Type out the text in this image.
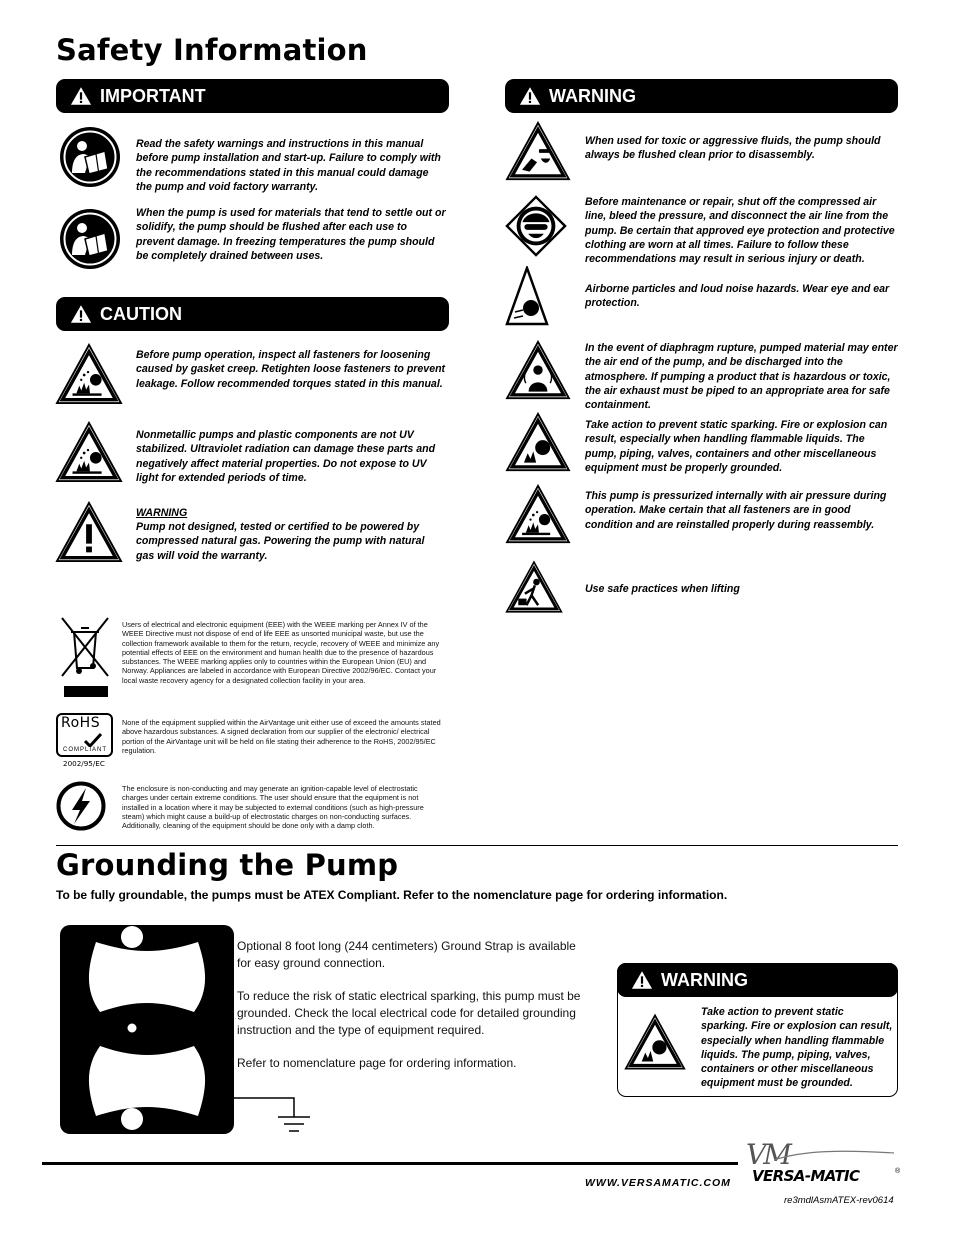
Safety Information
IMPORTANT
Read the safety warnings and instructions in this manual before pump installation and start-up. Failure to comply with the recommendations stated in this manual could damage the pump and void factory warranty.
When the pump is used for materials that tend to settle out or solidify, the pump should be flushed after each use to prevent damage. In freezing temperatures the pump should be completely drained between uses.
CAUTION
Before pump operation, inspect all fasteners for loosening caused by gasket creep. Retighten loose fasteners to prevent leakage. Follow recommended torques stated in this manual.
Nonmetallic pumps and plastic components are not UV stabilized. Ultraviolet radiation can damage these parts and negatively affect material properties. Do not expose to UV light for extended periods of time.
WARNING
Pump not designed, tested or certified to be powered by compressed natural gas. Powering the pump with natural gas will void the warranty.
Users of electrical and electronic equipment (EEE) with the WEEE marking per Annex IV of the WEEE Directive must not dispose of end of life EEE as unsorted municipal waste, but use the collection framework available to them for the return, recycle, recovery of WEEE and minimize any potential effects of EEE on the environment and human health due to the presence of hazardous substances. The WEEE marking applies only to countries within the European Union (EU) and Norway. Appliances are labeled in accordance with European Directive 2002/96/EC. Contact your local waste recovery agency for a designated collection facility in your area.
RoHS
COMPLIANT
2002/95/EC
None of the equipment supplied within the AirVantage unit either use of exceed the amounts stated above hazardous substances. A signed declaration from our supplier of the electronic/ electrical portion of the AirVantage unit will be held on file stating their adherence to the RoHS, 2002/95/EC regulation.
The enclosure is non-conducting and may generate an ignition-capable level of electrostatic charges under certain extreme conditions. The user should ensure that the equipment is not installed in a location where it may be subjected to external conditions (such as high-pressure steam) which might cause a build-up of electrostatic charges on non-conducting surfaces. Additionally, cleaning of the equipment should be done only with a damp cloth.
WARNING
When used for toxic or aggressive fluids, the pump should always be flushed clean prior to disassembly.
Before maintenance or repair, shut off the compressed air line, bleed the pressure, and disconnect the air line from the pump. Be certain that approved eye protection and protective clothing are worn at all times. Failure to follow these recommendations may result in serious injury or death.
Airborne particles and loud noise hazards. Wear eye and ear protection.
In the event of diaphragm rupture, pumped material may enter the air end of the pump, and be discharged into the atmosphere. If pumping a product that is hazardous or toxic, the air exhaust must be piped to an appropriate area for safe containment.
Take action to prevent static sparking. Fire or explosion can result, especially when handling flammable liquids. The pump, piping, valves, containers and other miscellaneous equipment must be properly grounded.
This pump is pressurized internally with air pressure during operation. Make certain that all fasteners are in good condition and are reinstalled properly during reassembly.
Use safe practices when lifting
Grounding the Pump
To be fully groundable, the pumps must be ATEX Compliant. Refer to the nomenclature page for ordering information.
Optional 8 foot long (244 centimeters) Ground Strap is available for easy ground connection.
To reduce the risk of static electrical sparking, this pump must be grounded. Check the local electrical code for detailed grounding instruction and the type of equipment required.
Refer to nomenclature page for ordering information.
WARNING
Take action to prevent static sparking. Fire or explosion can result, especially when handling flammable liquids. The pump, piping, valves, containers or other miscellaneous equipment must be grounded.
WWW.VERSAMATIC.COM
VM
VERSA-MATIC	®
re3mdlAsmATEX-rev0614
